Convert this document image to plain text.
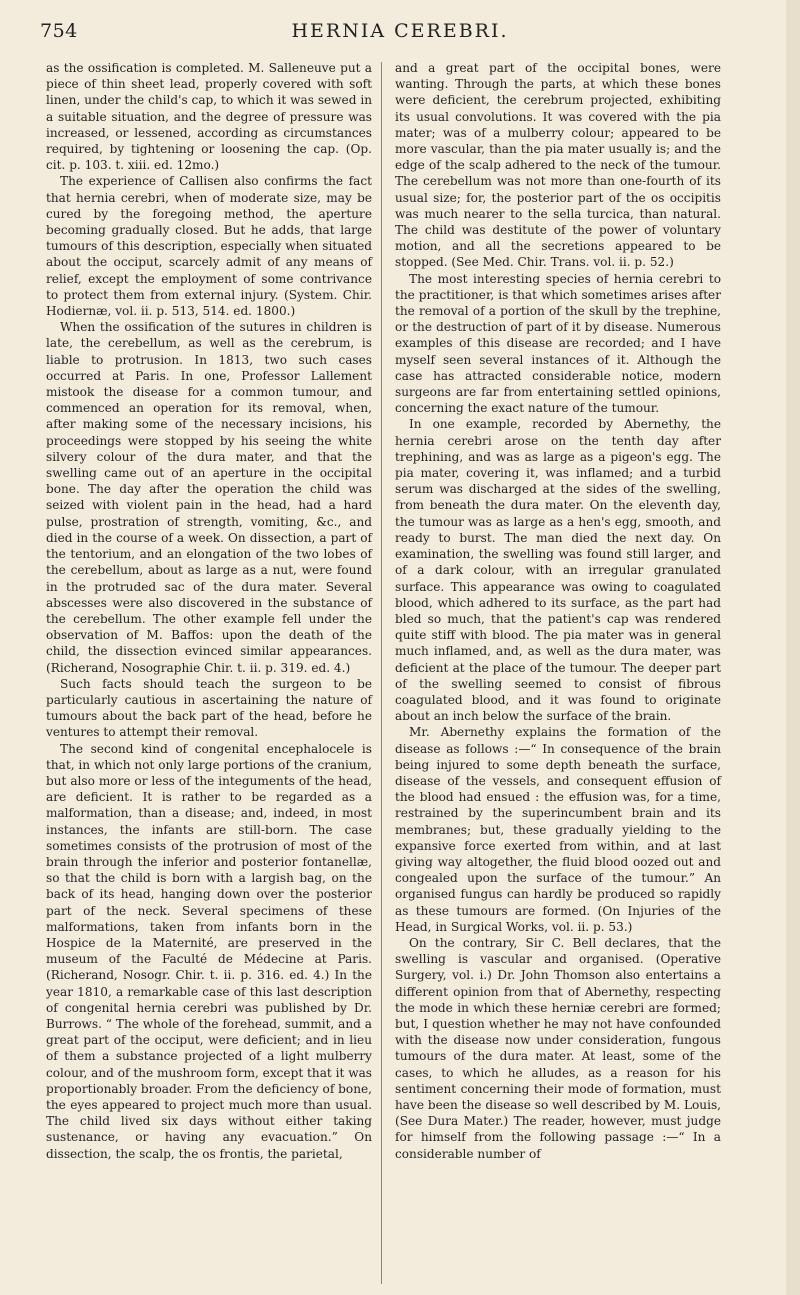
754	HERNIA CEREBRI.

as the ossification is completed. M. Salleneuve put a piece of thin sheet lead, properly covered with soft linen, under the child's cap, to which it was sewed in a suitable situation, and the degree of pressure was increased, or lessened, according as circumstances required, by tightening or loosening the cap. (Op. cit. p. 103. t. xiii. ed. 12mo.)

The experience of Callisen also confirms the fact that hernia cerebri, when of moderate size, may be cured by the foregoing method, the aperture becoming gradually closed. But he adds, that large tumours of this description, especially when situated about the occiput, scarcely admit of any means of relief, except the employment of some contrivance to protect them from external injury. (System. Chir. Hodiernæ, vol. ii. p. 513, 514. ed. 1800.)

When the ossification of the sutures in children is late, the cerebellum, as well as the cerebrum, is liable to protrusion. In 1813, two such cases occurred at Paris. In one, Professor Lallement mistook the disease for a common tumour, and commenced an operation for its removal, when, after making some of the necessary incisions, his proceedings were stopped by his seeing the white silvery colour of the dura mater, and that the swelling came out of an aperture in the occipital bone. The day after the operation the child was seized with violent pain in the head, had a hard pulse, prostration of strength, vomiting, &c., and died in the course of a week. On dissection, a part of the tentorium, and an elongation of the two lobes of the cerebellum, about as large as a nut, were found in the protruded sac of the dura mater. Several abscesses were also discovered in the substance of the cerebellum. The other example fell under the observation of M. Baffos: upon the death of the child, the dissection evinced similar appearances. (Richerand, Nosographie Chir. t. ii. p. 319. ed. 4.)

Such facts should teach the surgeon to be particularly cautious in ascertaining the nature of tumours about the back part of the head, before he ventures to attempt their removal.

The second kind of congenital encephalocele is that, in which not only large portions of the cranium, but also more or less of the integuments of the head, are deficient. It is rather to be regarded as a malformation, than a disease; and, indeed, in most instances, the infants are still-born. The case sometimes consists of the protrusion of most of the brain through the inferior and posterior fontanellæ, so that the child is born with a largish bag, on the back of its head, hanging down over the posterior part of the neck. Several specimens of these malformations, taken from infants born in the Hospice de la Maternité, are preserved in the museum of the Faculté de Médecine at Paris. (Richerand, Nosogr. Chir. t. ii. p. 316. ed. 4.) In the year 1810, a remarkable case of this last description of congenital hernia cerebri was published by Dr. Burrows. “ The whole of the forehead, summit, and a great part of the occiput, were deficient; and in lieu of them a substance projected of a light mulberry colour, and of the mushroom form, except that it was proportionably broader. From the deficiency of bone, the eyes appeared to project much more than usual. The child lived six days without either taking sustenance, or having any evacuation.” On dissection, the scalp, the os frontis, the parietal,

and a great part of the occipital bones, were wanting. Through the parts, at which these bones were deficient, the cerebrum projected, exhibiting its usual convolutions. It was covered with the pia mater; was of a mulberry colour; appeared to be more vascular, than the pia mater usually is; and the edge of the scalp adhered to the neck of the tumour. The cerebellum was not more than one-fourth of its usual size; for, the posterior part of the os occipitis was much nearer to the sella turcica, than natural. The child was destitute of the power of voluntary motion, and all the secretions appeared to be stopped. (See Med. Chir. Trans. vol. ii. p. 52.)

The most interesting species of hernia cerebri to the practitioner, is that which sometimes arises after the removal of a portion of the skull by the trephine, or the destruction of part of it by disease. Numerous examples of this disease are recorded; and I have myself seen several instances of it. Although the case has attracted considerable notice, modern surgeons are far from entertaining settled opinions, concerning the exact nature of the tumour.

In one example, recorded by Abernethy, the hernia cerebri arose on the tenth day after trephining, and was as large as a pigeon's egg. The pia mater, covering it, was inflamed; and a turbid serum was discharged at the sides of the swelling, from beneath the dura mater. On the eleventh day, the tumour was as large as a hen's egg, smooth, and ready to burst. The man died the next day. On examination, the swelling was found still larger, and of a dark colour, with an irregular granulated surface. This appearance was owing to coagulated blood, which adhered to its surface, as the part had bled so much, that the patient's cap was rendered quite stiff with blood. The pia mater was in general much inflamed, and, as well as the dura mater, was deficient at the place of the tumour. The deeper part of the swelling seemed to consist of fibrous coagulated blood, and it was found to originate about an inch below the surface of the brain.

Mr. Abernethy explains the formation of the disease as follows :—“ In consequence of the brain being injured to some depth beneath the surface, disease of the vessels, and consequent effusion of the blood had ensued : the effusion was, for a time, restrained by the superincumbent brain and its membranes; but, these gradually yielding to the expansive force exerted from within, and at last giving way altogether, the fluid blood oozed out and congealed upon the surface of the tumour.” An organised fungus can hardly be produced so rapidly as these tumours are formed. (On Injuries of the Head, in Surgical Works, vol. ii. p. 53.)

On the contrary, Sir C. Bell declares, that the swelling is vascular and organised. (Operative Surgery, vol. i.) Dr. John Thomson also entertains a different opinion from that of Abernethy, respecting the mode in which these herniæ cerebri are formed; but, I question whether he may not have confounded with the disease now under consideration, fungous tumours of the dura mater. At least, some of the cases, to which he alludes, as a reason for his sentiment concerning their mode of formation, must have been the disease so well described by M. Louis, (See Dura Mater.) The reader, however, must judge for himself from the following passage :—“ In a considerable number of
